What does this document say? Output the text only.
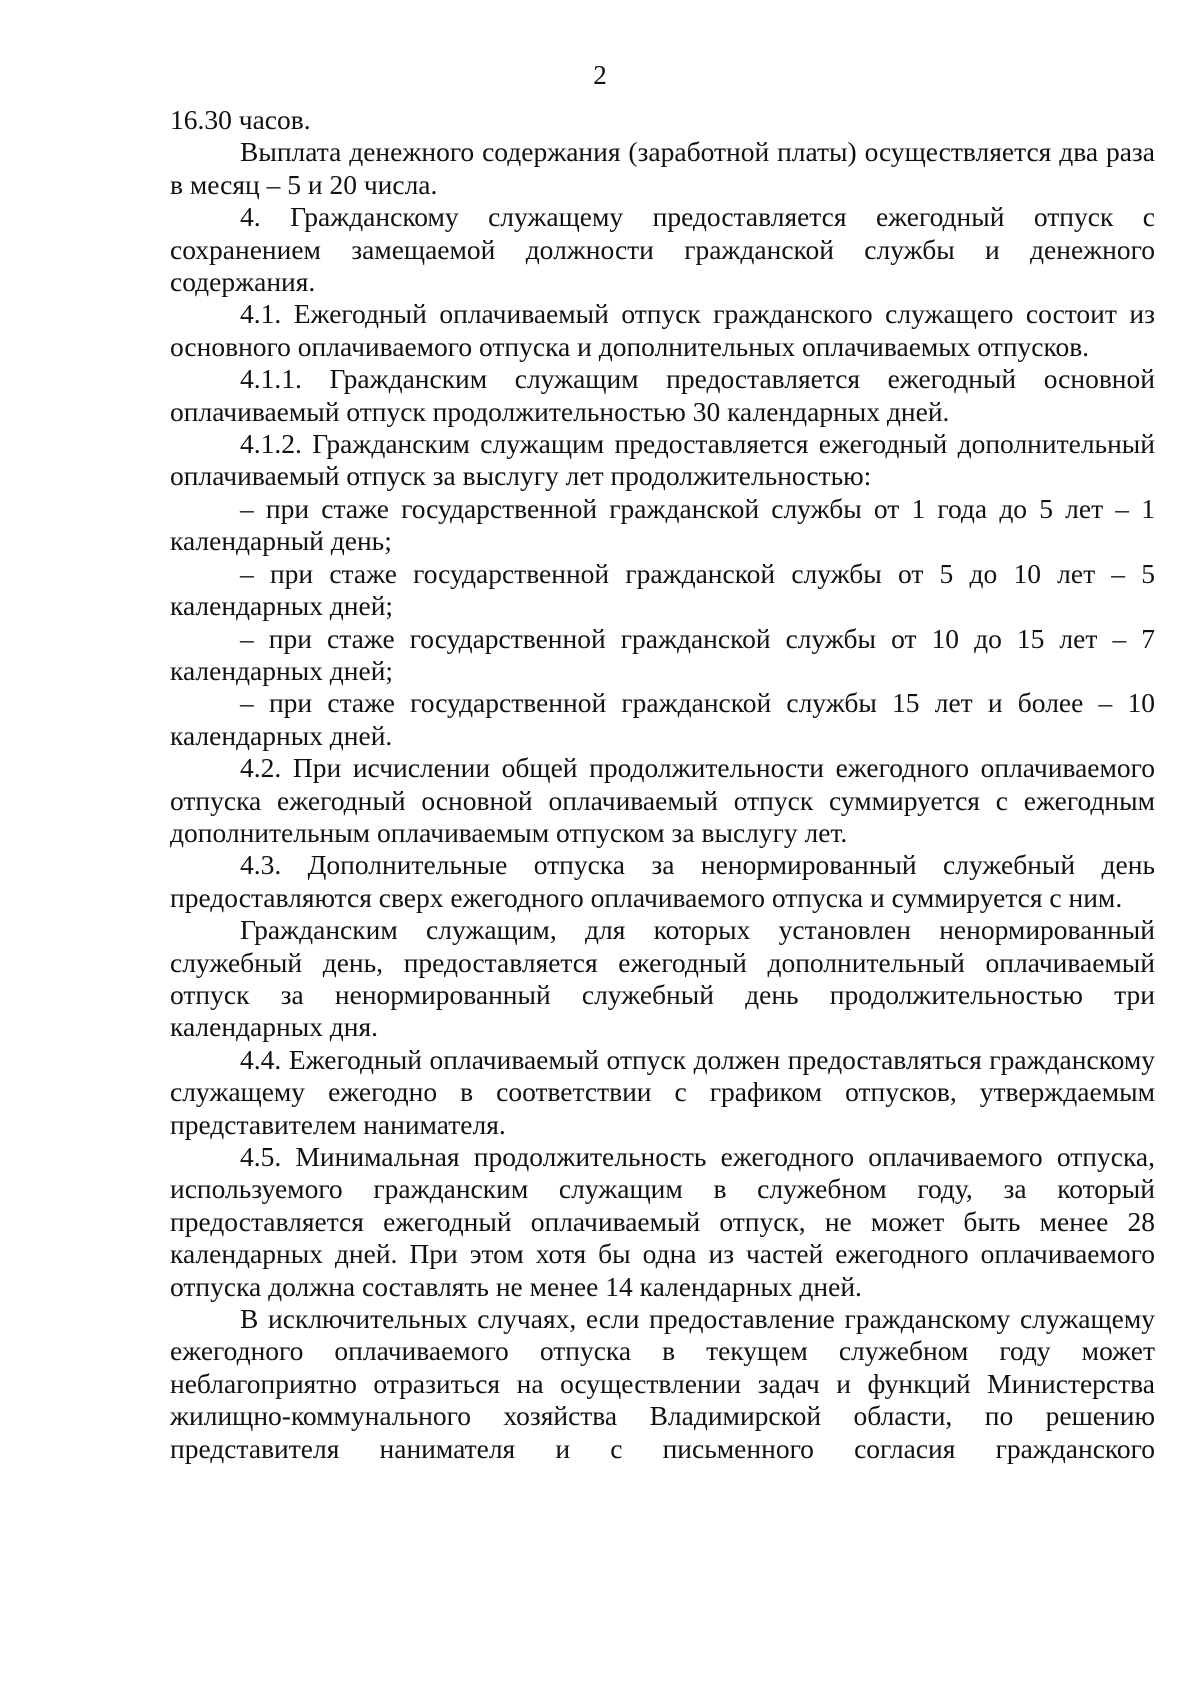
2

16.30 часов.

Выплата денежного содержания (заработной платы) осуществляется два раза в месяц – 5 и 20 числа.

4. Гражданскому служащему предоставляется ежегодный отпуск с сохранением замещаемой должности гражданской службы и денежного содержания.

4.1. Ежегодный оплачиваемый отпуск гражданского служащего состоит из основного оплачиваемого отпуска и дополнительных оплачиваемых отпусков.

4.1.1. Гражданским служащим предоставляется ежегодный основной оплачиваемый отпуск продолжительностью 30 календарных дней.

4.1.2. Гражданским служащим предоставляется ежегодный дополнительный оплачиваемый отпуск за выслугу лет продолжительностью:

– при стаже государственной гражданской службы от 1 года до 5 лет – 1 календарный день;

– при стаже государственной гражданской службы от 5 до 10 лет – 5 календарных дней;

– при стаже государственной гражданской службы от 10 до 15 лет – 7 календарных дней;

– при стаже государственной гражданской службы 15 лет и более – 10 календарных дней.

4.2. При исчислении общей продолжительности ежегодного оплачиваемого отпуска ежегодный основной оплачиваемый отпуск суммируется с ежегодным дополнительным оплачиваемым отпуском за выслугу лет.

4.3. Дополнительные отпуска за ненормированный служебный день предоставляются сверх ежегодного оплачиваемого отпуска и суммируется с ним.

Гражданским служащим, для которых установлен ненормированный служебный день, предоставляется ежегодный дополнительный оплачиваемый отпуск за ненормированный служебный день продолжительностью три календарных дня.

4.4. Ежегодный оплачиваемый отпуск должен предоставляться гражданскому служащему ежегодно в соответствии с графиком отпусков, утверждаемым представителем нанимателя.

4.5. Минимальная продолжительность ежегодного оплачиваемого отпуска, используемого гражданским служащим в служебном году, за который предоставляется ежегодный оплачиваемый отпуск, не может быть менее 28 календарных дней. При этом хотя бы одна из частей ежегодного оплачиваемого отпуска должна составлять не менее 14 календарных дней.

В исключительных случаях, если предоставление гражданскому служащему ежегодного оплачиваемого отпуска в текущем служебном году может неблагоприятно отразиться на осуществлении задач и функций Министерства жилищно-коммунального хозяйства Владимирской области, по решению представителя нанимателя и с письменного согласия гражданского
